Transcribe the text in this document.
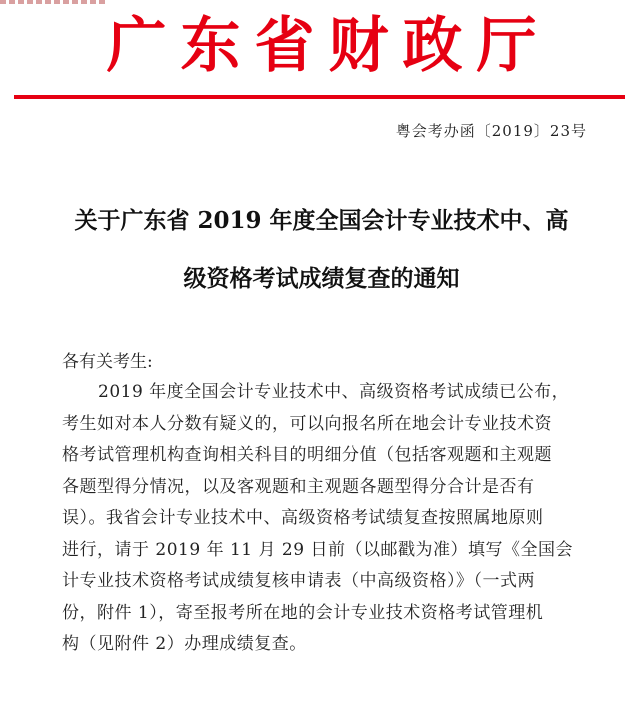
广东省财政厅
粤会考办函〔2019〕23号
关于广东省 2019 年度全国会计专业技术中、高
级资格考试成绩复查的通知
各有关考生:
2019 年度全国会计专业技术中、高级资格考试成绩已公布，
考生如对本人分数有疑义的，可以向报名所在地会计专业技术资
格考试管理机构查询相关科目的明细分值（包括客观题和主观题
各题型得分情况，以及客观题和主观题各题型得分合计是否有
误）。我省会计专业技术中、高级资格考试绩复查按照属地原则
进行，请于 2019 年 11 月 29 日前（以邮戳为准）填写《全国会
计专业技术资格考试成绩复核申请表（中高级资格）》（一式两
份，附件 1），寄至报考所在地的会计专业技术资格考试管理机
构（见附件 2）办理成绩复查。
